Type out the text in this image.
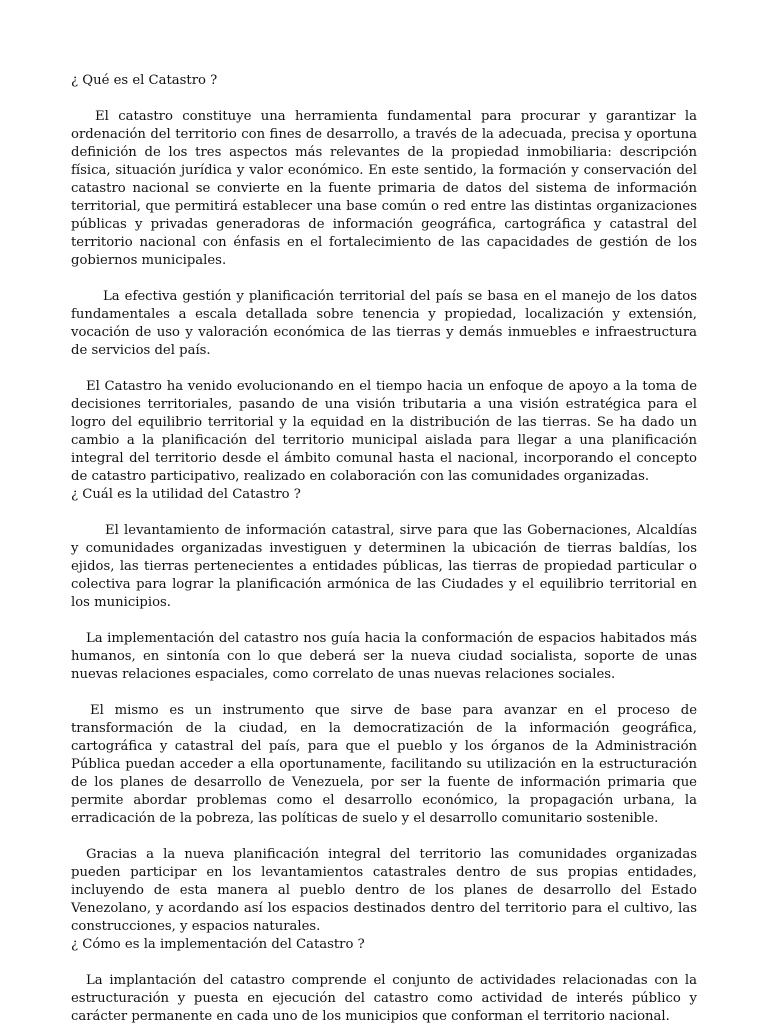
¿ Qué es el Catastro ?

El catastro constituye una herramienta fundamental para procurar y garantizar la ordenación del territorio con fines de desarrollo, a través de la adecuada, precisa y oportuna definición de los tres aspectos más relevantes de la propiedad inmobiliaria: descripción física, situación jurídica y valor económico. En este sentido, la formación y conservación del catastro nacional se convierte en la fuente primaria de datos del sistema de información territorial, que permitirá establecer una base común o red entre las distintas organizaciones públicas y privadas generadoras de información geográfica, cartográfica y catastral del territorio nacional con énfasis en el fortalecimiento de las capacidades de gestión de los gobiernos municipales.

La efectiva gestión y planificación territorial del país se basa en el manejo de los datos fundamentales a escala detallada sobre tenencia y propiedad, localización y extensión, vocación de uso y valoración económica de las tierras y demás inmuebles e infraestructura de servicios del país.

El Catastro ha venido evolucionando en el tiempo hacia un enfoque de apoyo a la toma de decisiones territoriales, pasando de una visión tributaria a una visión estratégica para el logro del equilibrio territorial y la equidad en la distribución de las tierras. Se ha dado un cambio a la planificación del territorio municipal aislada para llegar a una planificación integral del territorio desde el ámbito comunal hasta el nacional, incorporando el concepto de catastro participativo, realizado en colaboración con las comunidades organizadas.

¿ Cuál es la utilidad del Catastro ?

El levantamiento de información catastral, sirve para que las Gobernaciones, Alcaldías y comunidades organizadas investiguen y determinen la ubicación de tierras baldías, los ejidos, las tierras pertenecientes a entidades públicas, las tierras de propiedad particular o colectiva para lograr la planificación armónica de las Ciudades y el equilibrio territorial en los municipios.

La implementación del catastro nos guía hacia la conformación de espacios habitados más humanos, en sintonía con lo que deberá ser la nueva ciudad socialista, soporte de unas nuevas relaciones espaciales, como correlato de unas nuevas relaciones sociales.

El mismo es un instrumento que sirve de base para avanzar en el proceso de transformación de la ciudad, en la democratización de la información geográfica, cartográfica y catastral del país, para que el pueblo y los órganos de la Administración Pública puedan acceder a ella oportunamente, facilitando su utilización en la estructuración de los planes de desarrollo de Venezuela, por ser la fuente de información primaria que permite abordar problemas como el desarrollo económico, la propagación urbana, la erradicación de la pobreza, las políticas de suelo y el desarrollo comunitario sostenible.

Gracias a la nueva planificación integral del territorio las comunidades organizadas pueden participar en los levantamientos catastrales dentro de sus propias entidades, incluyendo de esta manera al pueblo dentro de los planes de desarrollo del Estado Venezolano, y acordando así los espacios destinados dentro del territorio para el cultivo, las construcciones, y espacios naturales.

¿ Cómo es la implementación del Catastro ?

La implantación del catastro comprende el conjunto de actividades relacionadas con la estructuración y puesta en ejecución del catastro como actividad de interés público y carácter permanente en cada uno de los municipios que conforman el territorio nacional.
